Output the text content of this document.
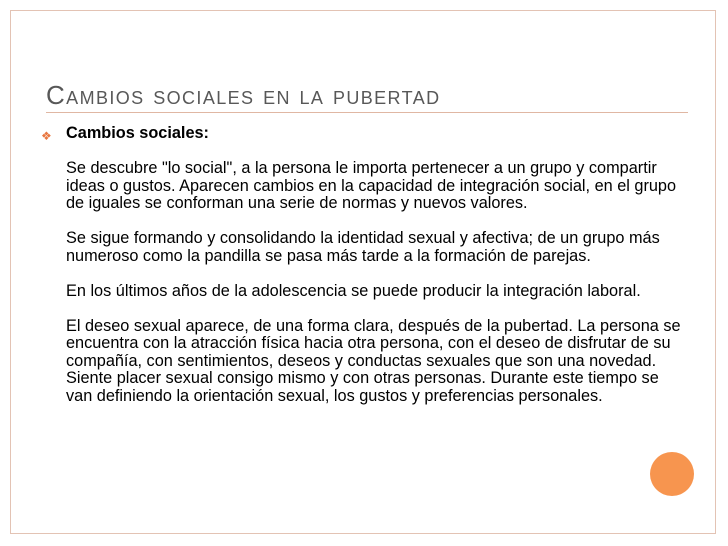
Cambios sociales en la pubertad
❖ Cambios sociales:

Se descubre "lo social", a la persona le importa pertenecer a un grupo y compartir ideas o gustos. Aparecen cambios en la capacidad de integración social, en el grupo de iguales se conforman una serie de normas y nuevos valores.

Se sigue formando y consolidando la identidad sexual y afectiva; de un grupo más numeroso como la pandilla se pasa más tarde a la formación de parejas.

En los últimos años de la adolescencia se puede producir la integración laboral.

El deseo sexual aparece, de una forma clara, después de la pubertad. La persona se encuentra con la atracción física hacia otra persona, con el deseo de disfrutar de su compañía, con sentimientos, deseos y conductas sexuales que son una novedad. Siente placer sexual consigo mismo y con otras personas. Durante este tiempo se van definiendo la orientación sexual, los gustos y preferencias personales.
